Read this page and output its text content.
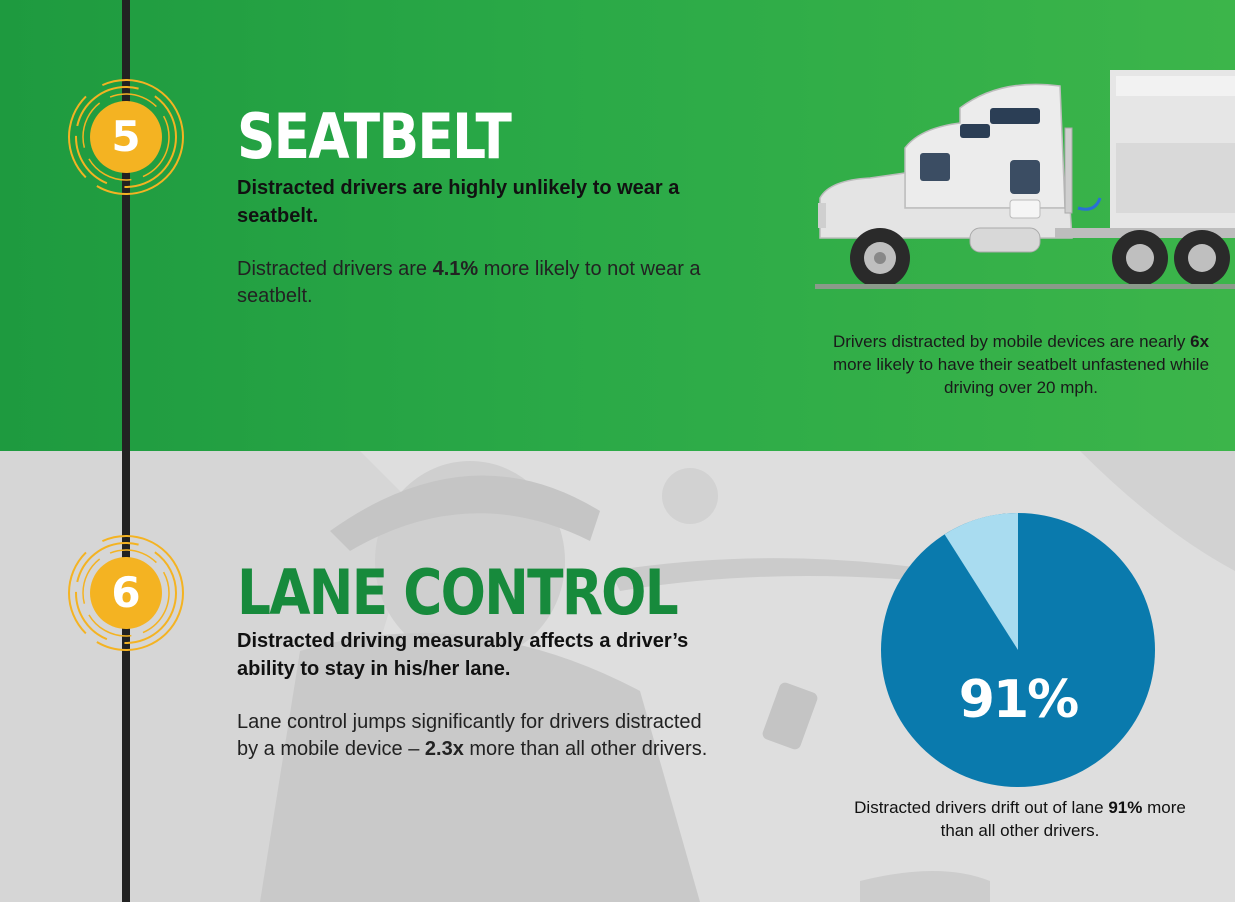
5
6
SEATBELT
Distracted drivers are highly unlikely to wear a seatbelt.
Distracted drivers are 4.1% more likely to not wear a seatbelt.
Drivers distracted by mobile devices are nearly 6x more likely to have their seatbelt unfastened while driving over 20 mph.
LANE CONTROL
Distracted driving measurably affects a driver’s ability to stay in his/her lane.
Lane control jumps significantly for drivers distracted by a mobile device – 2.3x more than all other drivers.
91%
Distracted drivers drift out of lane 91% more than all other drivers.
